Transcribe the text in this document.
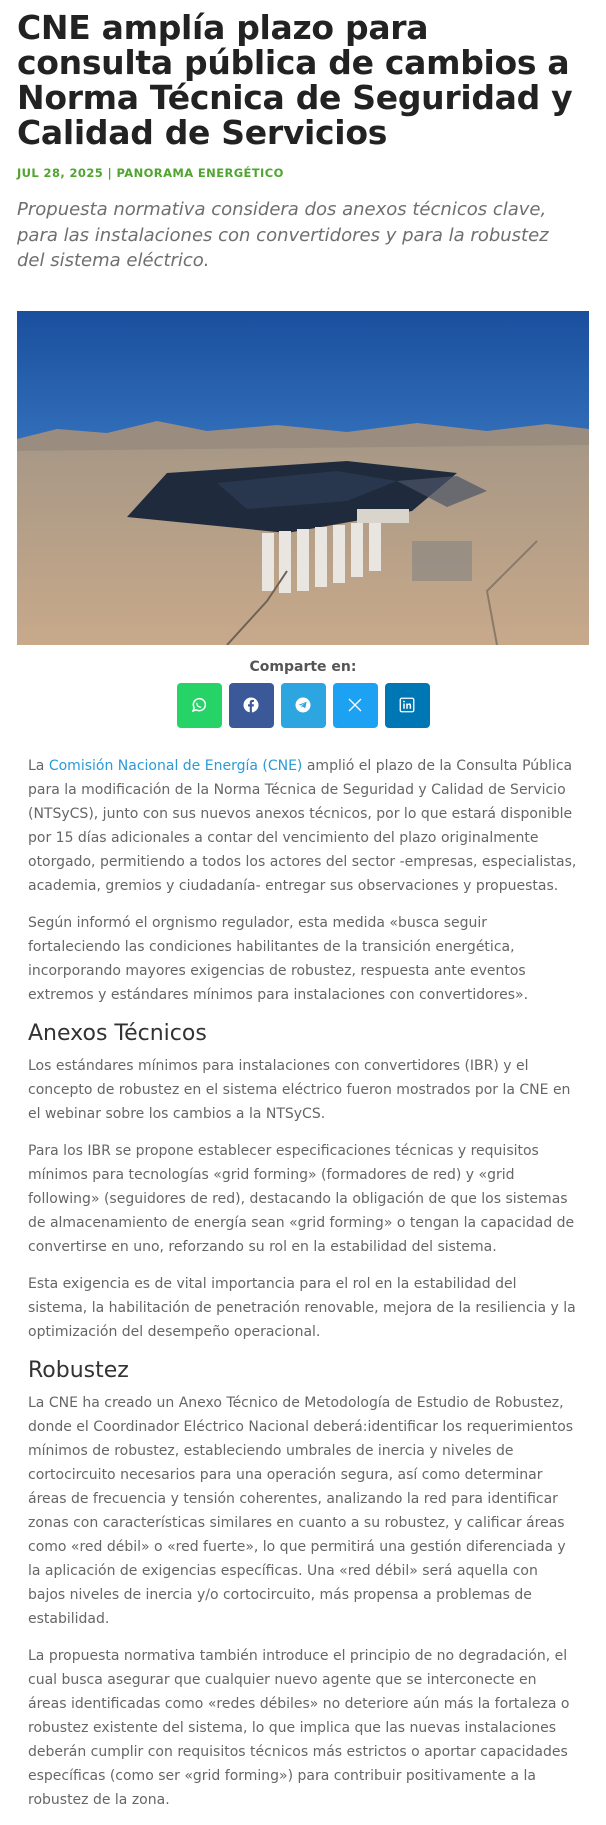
CNE amplía plazo para consulta pública de cambios a Norma Técnica de Seguridad y Calidad de Servicios
JUL 28, 2025 | PANORAMA ENERGÉTICO
Propuesta normativa considera dos anexos técnicos clave, para las instalaciones con convertidores y para la robustez del sistema eléctrico.
Comparte en:

La Comisión Nacional de Energía (CNE) amplió el plazo de la Consulta Pública para la modificación de la Norma Técnica de Seguridad y Calidad de Servicio (NTSyCS), junto con sus nuevos anexos técnicos, por lo que estará disponible por 15 días adicionales a contar del vencimiento del plazo originalmente otorgado, permitiendo a todos los actores del sector -empresas, especialistas, academia, gremios y ciudadanía- entregar sus observaciones y propuestas.

Según informó el orgnismo regulador, esta medida «busca seguir fortaleciendo las condiciones habilitantes de la transición energética, incorporando mayores exigencias de robustez, respuesta ante eventos extremos y estándares mínimos para instalaciones con convertidores».

Anexos Técnicos

Los estándares mínimos para instalaciones con convertidores (IBR) y el concepto de robustez en el sistema eléctrico fueron mostrados por la CNE en el webinar sobre los cambios a la NTSyCS.

Para los IBR se propone establecer especificaciones técnicas y requisitos mínimos para tecnologías «grid forming» (formadores de red) y «grid following» (seguidores de red), destacando la obligación de que los sistemas de almacenamiento de energía sean «grid forming» o tengan la capacidad de convertirse en uno, reforzando su rol en la estabilidad del sistema.

Esta exigencia es de vital importancia para el rol en la estabilidad del sistema, la habilitación de penetración renovable, mejora de la resiliencia y la optimización del desempeño operacional.

Robustez

La CNE ha creado un Anexo Técnico de Metodología de Estudio de Robustez, donde el Coordinador Eléctrico Nacional deberá:identificar los requerimientos mínimos de robustez, estableciendo umbrales de inercia y niveles de cortocircuito necesarios para una operación segura, así como determinar áreas de frecuencia y tensión coherentes, analizando la red para identificar zonas con características similares en cuanto a su robustez, y calificar áreas como «red débil» o «red fuerte», lo que permitirá una gestión diferenciada y la aplicación de exigencias específicas. Una «red débil» será aquella con bajos niveles de inercia y/o cortocircuito, más propensa a problemas de estabilidad.

La propuesta normativa también introduce el principio de no degradación, el cual busca asegurar que cualquier nuevo agente que se interconecte en áreas identificadas como «redes débiles» no deteriore aún más la fortaleza o robustez existente del sistema, lo que implica que las nuevas instalaciones deberán cumplir con requisitos técnicos más estrictos o aportar capacidades específicas (como ser «grid forming») para contribuir positivamente a la robustez de la zona.
